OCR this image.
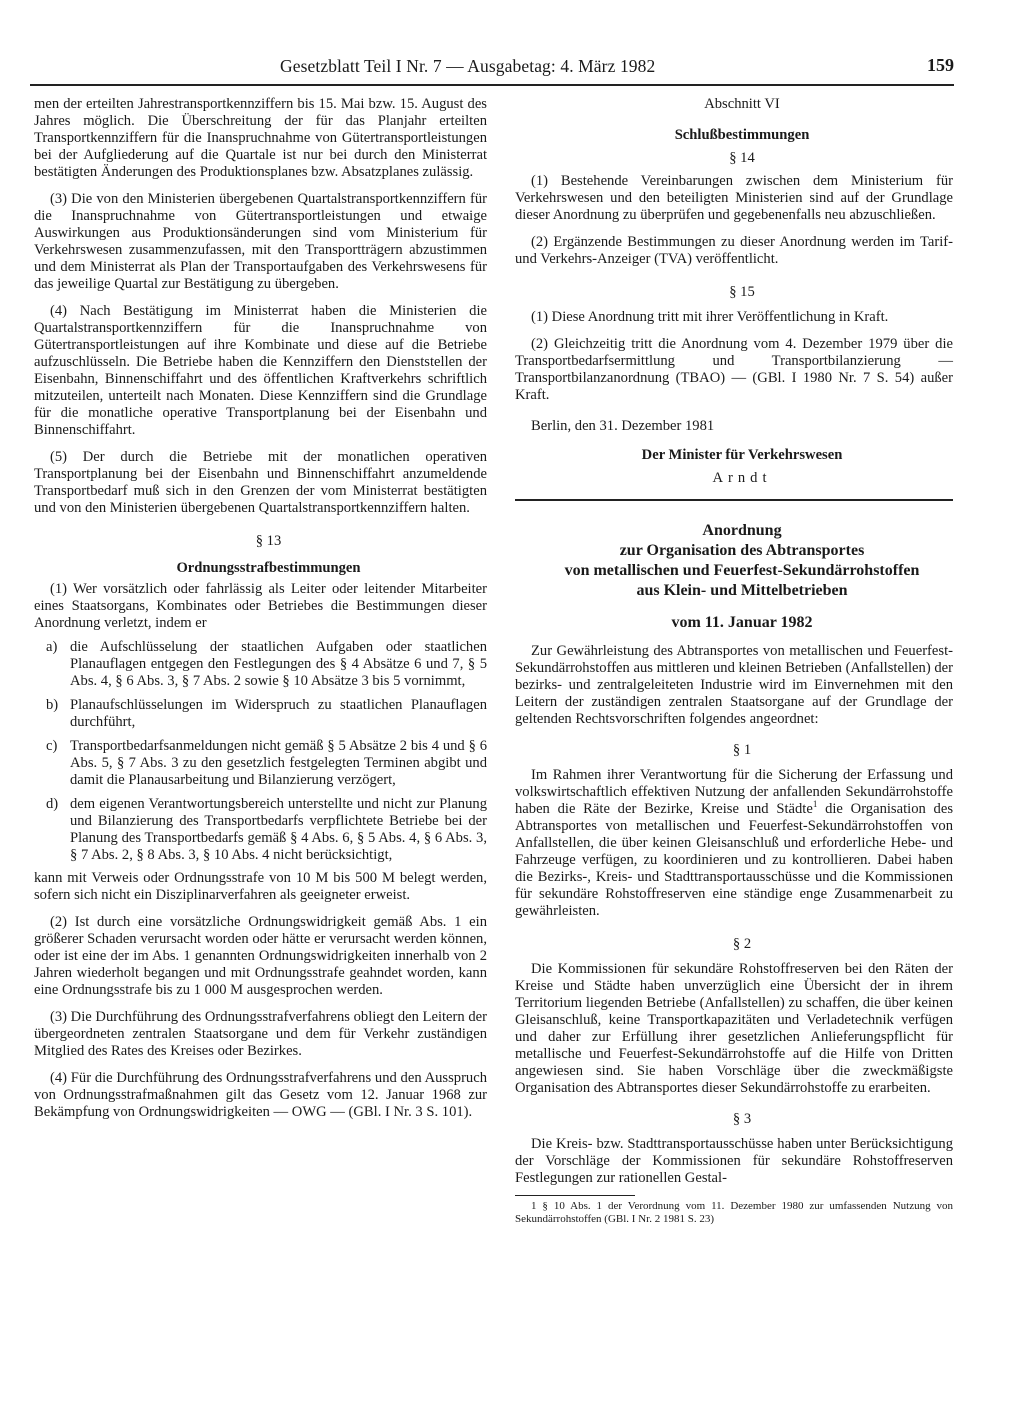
Gesetzblatt Teil I Nr. 7 — Ausgabetag: 4. März 1982	159

men der erteilten Jahrestransportkennziffern bis 15. Mai bzw. 15. August des Jahres möglich. Die Überschreitung der für das Planjahr erteilten Transportkennziffern für die Inanspruchnahme von Gütertransportleistungen bei der Aufgliederung auf die Quartale ist nur bei durch den Ministerrat bestätigten Änderungen des Produktionsplanes bzw. Absatzplanes zulässig.

(3) Die von den Ministerien übergebenen Quartalstransportkennziffern für die Inanspruchnahme von Gütertransportleistungen und etwaige Auswirkungen aus Produktionsänderungen sind vom Ministerium für Verkehrswesen zusammenzufassen, mit den Transportträgern abzustimmen und dem Ministerrat als Plan der Transportaufgaben des Verkehrswesens für das jeweilige Quartal zur Bestätigung zu übergeben.

(4) Nach Bestätigung im Ministerrat haben die Ministerien die Quartalstransportkennziffern für die Inanspruchnahme von Gütertransportleistungen auf ihre Kombinate und diese auf die Betriebe aufzuschlüsseln. Die Betriebe haben die Kennziffern den Dienststellen der Eisenbahn, Binnenschiffahrt und des öffentlichen Kraftverkehrs schriftlich mitzuteilen, unterteilt nach Monaten. Diese Kennziffern sind die Grundlage für die monatliche operative Transportplanung bei der Eisenbahn und Binnenschiffahrt.

(5) Der durch die Betriebe mit der monatlichen operativen Transportplanung bei der Eisenbahn und Binnenschiffahrt anzumeldende Transportbedarf muß sich in den Grenzen der vom Ministerrat bestätigten und von den Ministerien übergebenen Quartalstransportkennziffern halten.

§ 13

Ordnungsstrafbestimmungen

(1) Wer vorsätzlich oder fahrlässig als Leiter oder leitender Mitarbeiter eines Staatsorgans, Kombinates oder Betriebes die Bestimmungen dieser Anordnung verletzt, indem er

a) die Aufschlüsselung der staatlichen Aufgaben oder staatlichen Planauflagen entgegen den Festlegungen des § 4 Absätze 6 und 7, § 5 Abs. 4, § 6 Abs. 3, § 7 Abs. 2 sowie § 10 Absätze 3 bis 5 vornimmt,
b) Planaufschlüsselungen im Widerspruch zu staatlichen Planauflagen durchführt,
c) Transportbedarfsanmeldungen nicht gemäß § 5 Absätze 2 bis 4 und § 6 Abs. 5, § 7 Abs. 3 zu den gesetzlich festgelegten Terminen abgibt und damit die Planausarbeitung und Bilanzierung verzögert,
d) dem eigenen Verantwortungsbereich unterstellte und nicht zur Planung und Bilanzierung des Transportbedarfs verpflichtete Betriebe bei der Planung des Transportbedarfs gemäß § 4 Abs. 6, § 5 Abs. 4, § 6 Abs. 3, § 7 Abs. 2, § 8 Abs. 3, § 10 Abs. 4 nicht berücksichtigt,

kann mit Verweis oder Ordnungsstrafe von 10 M bis 500 M belegt werden, sofern sich nicht ein Disziplinarverfahren als geeigneter erweist.

(2) Ist durch eine vorsätzliche Ordnungswidrigkeit gemäß Abs. 1 ein größerer Schaden verursacht worden oder hätte er verursacht werden können, oder ist eine der im Abs. 1 genannten Ordnungswidrigkeiten innerhalb von 2 Jahren wiederholt begangen und mit Ordnungsstrafe geahndet worden, kann eine Ordnungsstrafe bis zu 1 000 M ausgesprochen werden.

(3) Die Durchführung des Ordnungsstrafverfahrens obliegt den Leitern der übergeordneten zentralen Staatsorgane und dem für Verkehr zuständigen Mitglied des Rates des Kreises oder Bezirkes.

(4) Für die Durchführung des Ordnungsstrafverfahrens und den Ausspruch von Ordnungsstrafmaßnahmen gilt das Gesetz vom 12. Januar 1968 zur Bekämpfung von Ordnungswidrigkeiten — OWG — (GBl. I Nr. 3 S. 101).

Abschnitt VI

Schlußbestimmungen

§ 14

(1) Bestehende Vereinbarungen zwischen dem Ministerium für Verkehrswesen und den beteiligten Ministerien sind auf der Grundlage dieser Anordnung zu überprüfen und gegebenenfalls neu abzuschließen.

(2) Ergänzende Bestimmungen zu dieser Anordnung werden im Tarif- und Verkehrs-Anzeiger (TVA) veröffentlicht.

§ 15

(1) Diese Anordnung tritt mit ihrer Veröffentlichung in Kraft.

(2) Gleichzeitig tritt die Anordnung vom 4. Dezember 1979 über die Transportbedarfsermittlung und Transportbilanzierung — Transportbilanzanordnung (TBAO) — (GBl. I 1980 Nr. 7 S. 54) außer Kraft.

Berlin, den 31. Dezember 1981

Der Minister für Verkehrswesen

Arndt

Anordnung

zur Organisation des Abtransportes

von metallischen und Feuerfest-Sekundärrohstoffen

aus Klein- und Mittelbetrieben

vom 11. Januar 1982

Zur Gewährleistung des Abtransportes von metallischen und Feuerfest-Sekundärrohstoffen aus mittleren und kleinen Betrieben (Anfallstellen) der bezirks- und zentralgeleiteten Industrie wird im Einvernehmen mit den Leitern der zuständigen zentralen Staatsorgane auf der Grundlage der geltenden Rechtsvorschriften folgendes angeordnet:

§ 1

Im Rahmen ihrer Verantwortung für die Sicherung der Erfassung und volkswirtschaftlich effektiven Nutzung der anfallenden Sekundärrohstoffe haben die Räte der Bezirke, Kreise und Städte$^1$ die Organisation des Abtransportes von metallischen und Feuerfest-Sekundärrohstoffen von Anfallstellen, die über keinen Gleisanschluß und erforderliche Hebe- und Fahrzeuge verfügen, zu koordinieren und zu kontrollieren. Dabei haben die Bezirks-, Kreis- und Stadttransportausschüsse und die Kommissionen für sekundäre Rohstoffreserven eine ständige enge Zusammenarbeit zu gewährleisten.

§ 2

Die Kommissionen für sekundäre Rohstoffreserven bei den Räten der Kreise und Städte haben unverzüglich eine Übersicht der in ihrem Territorium liegenden Betriebe (Anfallstellen) zu schaffen, die über keinen Gleisanschluß, keine Transportkapazitäten und Verladetechnik verfügen und daher zur Erfüllung ihrer gesetzlichen Anlieferungspflicht für metallische und Feuerfest-Sekundärrohstoffe auf die Hilfe von Dritten angewiesen sind. Sie haben Vorschläge über die zweckmäßigste Organisation des Abtransportes dieser Sekundärrohstoffe zu erarbeiten.

§ 3

Die Kreis- bzw. Stadttransportausschüsse haben unter Berücksichtigung der Vorschläge der Kommissionen für sekundäre Rohstoffreserven Festlegungen zur rationellen Gestal-

1 § 10 Abs. 1 der Verordnung vom 11. Dezember 1980 zur umfassenden Nutzung von Sekundärrohstoffen (GBl. I Nr. 2 1981 S. 23)
